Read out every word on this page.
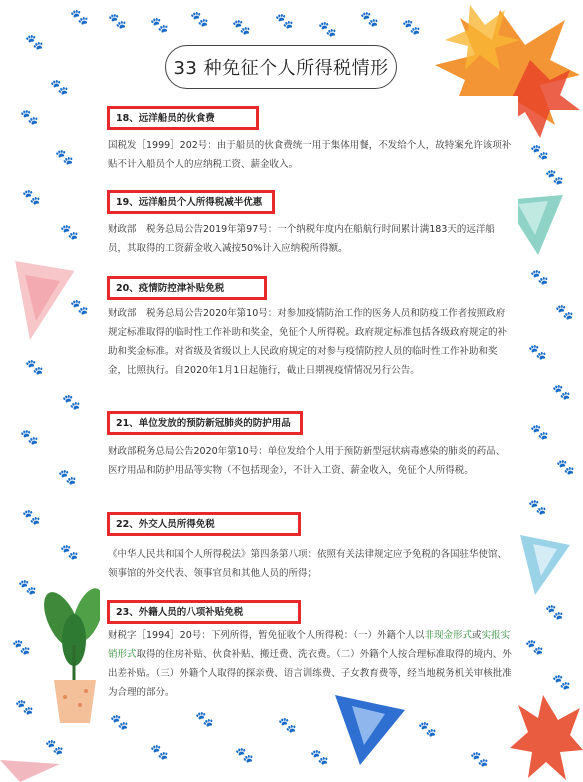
🐾 🐾 🐾 🐾 🐾 🐾 🐾
🐾 🐾
🐾
🐾
🐾
🐾
🐾
🐾
🐾
🐾
🐾
🐾
🐾
🐾
🐾
🐾
🐾
🐾
🐾
🐾
🐾
🐾
🐾
🐾
🐾
🐾
🐾
🐾
🐾
🐾
🐾
🐾
🐾
🐾
🐾
🐾
🐾
🐾
🐾
33 种免征个人所得税情形
18、远洋船员的伙食费
国税发［1999］202号：由于船员的伙食费统一用于集体用餐，不发给个人，故特案允许该项补贴不计入船员个人的应纳税工资、薪金收入。
19、远洋船员个人所得税减半优惠
财政部　税务总局公告2019年第97号：一个纳税年度内在船航行时间累计满183天的远洋船员，其取得的工资薪金收入减按50%计入应纳税所得额。
20、疫情防控津补贴免税
财政部　税务总局公告2020年第10号：对参加疫情防治工作的医务人员和防疫工作者按照政府规定标准取得的临时性工作补助和奖金，免征个人所得税。政府规定标准包括各级政府规定的补助和奖金标准。对省级及省级以上人民政府规定的对参与疫情防控人员的临时性工作补助和奖金，比照执行。自2020年1月1日起施行，截止日期视疫情情况另行公告。
21、单位发放的预防新冠肺炎的防护用品
财政部税务总局公告2020年第10号：单位发给个人用于预防新型冠状病毒感染的肺炎的药品、医疗用品和防护用品等实物（不包括现金），不计入工资、薪金收入，免征个人所得税。
22、外交人员所得免税
《中华人民共和国个人所得税法》第四条第八项：依照有关法律规定应予免税的各国驻华使馆、领事馆的外交代表、领事官员和其他人员的所得；
23、外籍人员的八项补贴免税
财税字［1994］20号：下列所得，暂免征收个人所得税：（一）外籍个人以非现金形式或实报实销形式取得的住房补贴、伙食补贴、搬迁费、洗衣费。（二）外籍个人按合理标准取得的境内、外出差补贴。（三）外籍个人取得的探亲费、语言训练费、子女教育费等，经当地税务机关审核批准为合理的部分。
